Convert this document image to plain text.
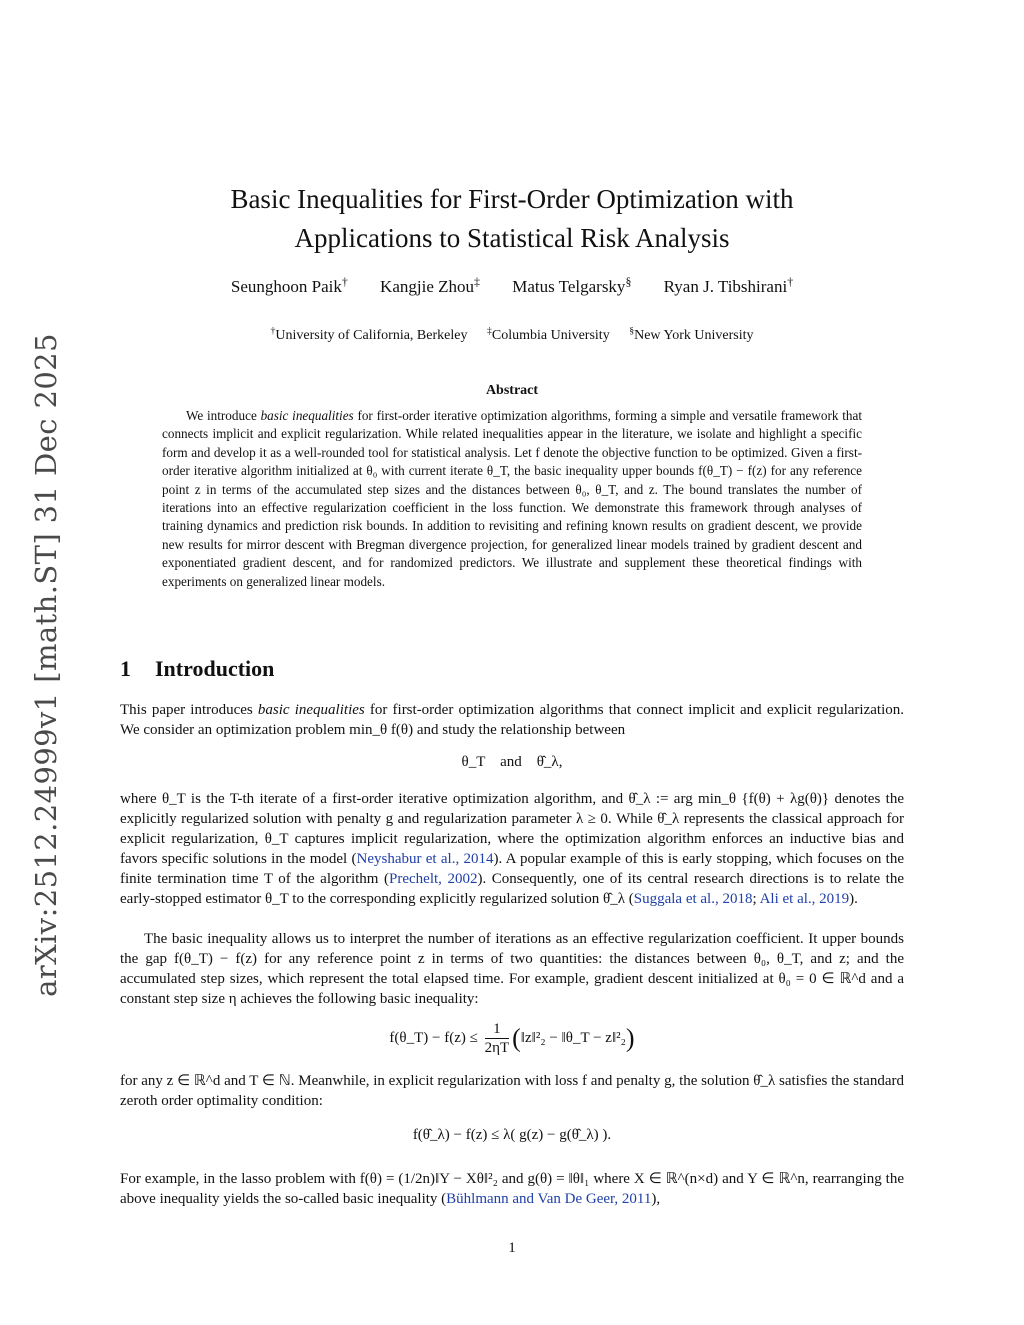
arXiv:2512.24999v1 [math.ST] 31 Dec 2025
Basic Inequalities for First-Order Optimization with
Applications to Statistical Risk Analysis
Seunghoon Paik† Kangjie Zhou‡ Matus Telgarsky§ Ryan J. Tibshirani†
†University of California, Berkeley ‡Columbia University §New York University
Abstract

We introduce basic inequalities for first-order iterative optimization algorithms, forming a simple and versatile framework that connects implicit and explicit regularization. While related inequalities appear in the literature, we isolate and highlight a specific form and develop it as a well-rounded tool for statistical analysis. Let f denote the objective function to be optimized. Given a first-order iterative algorithm initialized at θ₀ with current iterate θ_T, the basic inequality upper bounds f(θ_T) − f(z) for any reference point z in terms of the accumulated step sizes and the distances between θ₀, θ_T, and z. The bound translates the number of iterations into an effective regularization coefficient in the loss function. We demonstrate this framework through analyses of training dynamics and prediction risk bounds. In addition to revisiting and refining known results on gradient descent, we provide new results for mirror descent with Bregman divergence projection, for generalized linear models trained by gradient descent and exponentiated gradient descent, and for randomized predictors. We illustrate and supplement these theoretical findings with experiments on generalized linear models.

1 Introduction

This paper introduces basic inequalities for first-order optimization algorithms that connect implicit and explicit regularization. We consider an optimization problem min_θ f(θ) and study the relationship between

θ_T    and    θ̂_λ,

where θ_T is the T-th iterate of a first-order iterative optimization algorithm, and θ̂_λ := arg min_θ {f(θ) + λg(θ)} denotes the explicitly regularized solution with penalty g and regularization parameter λ ≥ 0. While θ̂_λ represents the classical approach for explicit regularization, θ_T captures implicit regularization, where the optimization algorithm enforces an inductive bias and favors specific solutions in the model (Neyshabur et al., 2014). A popular example of this is early stopping, which focuses on the finite termination time T of the algorithm (Prechelt, 2002). Consequently, one of its central research directions is to relate the early-stopped estimator θ_T to the corresponding explicitly regularized solution θ̂_λ (Suggala et al., 2018; Ali et al., 2019).

The basic inequality allows us to interpret the number of iterations as an effective regularization coefficient. It upper bounds the gap f(θ_T) − f(z) for any reference point z in terms of two quantities: the distances between θ₀, θ_T, and z; and the accumulated step sizes, which represent the total elapsed time. For example, gradient descent initialized at θ₀ = 0 ∈ ℝ^d and a constant step size η achieves the following basic inequality:

f(θ_T) − $f(z) \le \frac{1}{2\eta T}$ (‖z‖²₂ − ‖θ_T − z‖²₂)

for any z ∈ ℝ^d and T ∈ ℕ. Meanwhile, in explicit regularization with loss f and penalty g, the solution θ̂_λ satisfies the standard zeroth order optimality condition:

f(θ̂_λ) − f(z) ≤ λ( g(z) − g(θ̂_λ) ).

For example, in the lasso problem with f(θ) = (1/2n)‖Y − Xθ‖²₂ and g(θ) = ‖θ‖₁ where X ∈ ℝ^(n×d) and Y ∈ ℝ^n, rearranging the above inequality yields the so-called basic inequality (Bühlmann and Van De Geer, 2011),

1
